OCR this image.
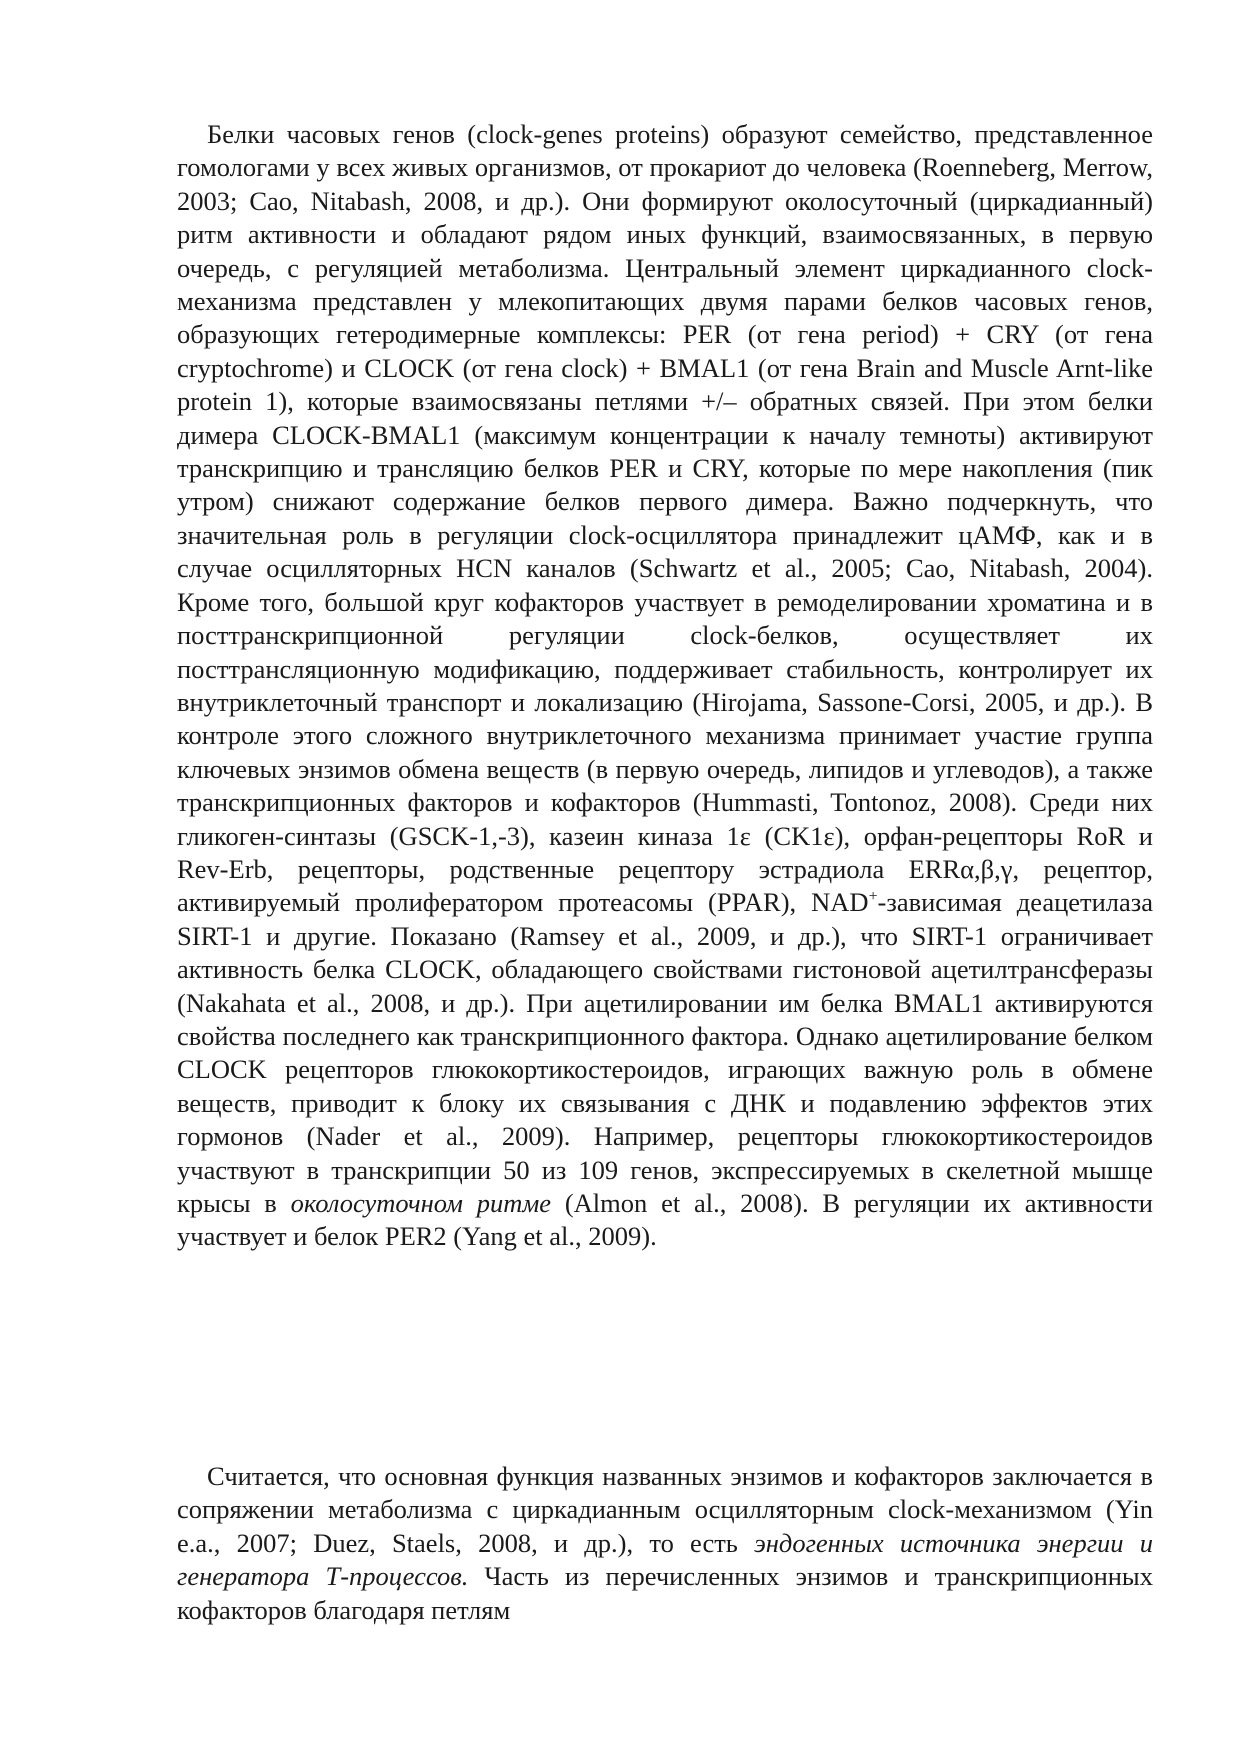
Белки часовых генов (clock-genes proteins) образуют семейство, представленное гомологами у всех живых организмов, от прокариот до человека (Roenneberg, Merrow, 2003; Cao, Nitabash, 2008, и др.). Они формируют околосуточный (циркадианный) ритм активности и обладают рядом иных функций, взаимосвязанных, в первую очередь, с регуляцией метаболизма. Центральный элемент циркадианного clock- механизма представлен у млекопитающих двумя парами белков часовых генов, образующих гетеродимерные комплексы: PER (от гена period) + CRY (от гена cryptochrome) и CLOCK (от гена clock) + BMAL1 (от гена Brain and Muscle Arnt-like protein 1), которые взаимосвязаны петлями +/– обратных связей. При этом белки димера CLOCK-BMAL1 (максимум концентрации к началу темноты) активируют транскрипцию и трансляцию белков PER и CRY, которые по мере накопления (пик утром) снижают содержание белков первого димера. Важно подчеркнуть, что значительная роль в регуляции clock-осциллятора принадлежит цАМФ, как и в случае осцилляторных HCN каналов (Schwartz et al., 2005; Cao, Nitabash, 2004). Кроме того, большой круг кофакторов участвует в ремоделировании хроматина и в посттранскрипционной регуляции clock-белков, осуществляет их посттрансляционную модификацию, поддерживает стабильность, контролирует их внутриклеточный транспорт и локализацию (Hirojama, Sassone-Corsi, 2005, и др.). В контроле этого сложного внутриклеточного механизма принимает участие группа ключевых энзимов обмена веществ (в первую очередь, липидов и углеводов), а также транскрипционных факторов и кофакторов (Hummasti, Tontonoz, 2008). Среди них гликоген-синтазы (GSCK-1,-3), казеин киназа 1ε (CK1ε), орфан-рецепторы RoR и Rev-Erb, рецепторы, родственные рецептору эстрадиола ERRα,β,γ, рецептор, активируемый пролифератором протеасомы (PPAR), NAD+-зависимая деацетилаза SIRT-1 и другие. Показано (Ramsey et al., 2009, и др.), что SIRT-1 ограничивает активность белка CLOCK, обладающего свойствами гистоновой ацетилтрансферазы (Nakahata et al., 2008, и др.). При ацетилировании им белка BMAL1 активируются свойства последнего как транскрипционного фактора. Однако ацетилирование белком CLOCK рецепторов глюкокортикостероидов, играющих важную роль в обмене веществ, приводит к блоку их связывания с ДНК и подавлению эффектов этих гормонов (Nader et al., 2009). Например, рецепторы глюкокортикостероидов участвуют в транскрипции 50 из 109 генов, экспрессируемых в скелетной мышце крысы в околосуточном ритме (Almon et al., 2008). В регуляции их активности участвует и белок PER2 (Yang et al., 2009).

Считается, что основная функция названных энзимов и кофакторов заключается в сопряжении метаболизма с циркадианным осцилляторным clock-механизмом (Yin e.a., 2007; Duez, Staels, 2008, и др.), то есть эндогенных источника энергии и генератора Т-процессов. Часть из перечисленных энзимов и транскрипционных кофакторов благодаря петлям
